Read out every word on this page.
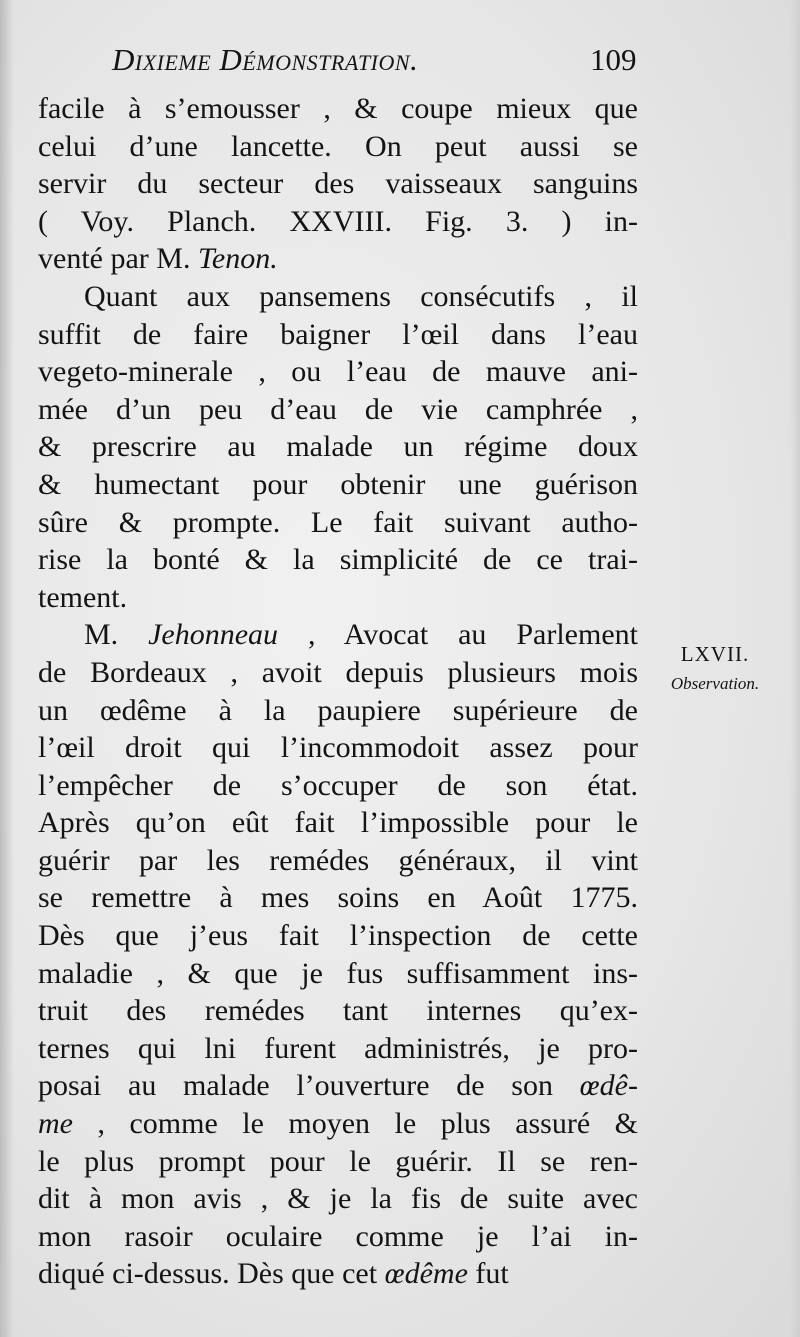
Dixieme Démonstration.	109
facile à s’emousser , & coupe mieux que
celui d’une lancette. On peut aussi se
servir du secteur des vaisseaux sanguins
( Voy. Planch. XXVIII. Fig. 3. ) in-
venté par M. Tenon.
Quant aux pansemens consécutifs , il
suffit de faire baigner l’œil dans l’eau
vegeto-minerale , ou l’eau de mauve ani-
mée d’un peu d’eau de vie camphrée ,
& prescrire au malade un régime doux
& humectant pour obtenir une guérison
sûre & prompte. Le fait suivant autho-
rise la bonté & la simplicité de ce trai-
tement.
M. Jehonneau , Avocat au Parlement
de Bordeaux , avoit depuis plusieurs mois
un œdême à la paupiere supérieure de
l’œil droit qui l’incommodoit assez pour
l’empêcher de s’occuper de son état.
Après qu’on eût fait l’impossible pour le
guérir par les remédes généraux, il vint
se remettre à mes soins en Août 1775.
Dès que j’eus fait l’inspection de cette
maladie , & que je fus suffisamment ins-
truit des remédes tant internes qu’ex-
ternes qui lni furent administrés, je pro-
posai au malade l’ouverture de son œdê-
me , comme le moyen le plus assuré &
le plus prompt pour le guérir. Il se ren-
dit à mon avis , & je la fis de suite avec
mon rasoir oculaire comme je l’ai in-
diqué ci-dessus. Dès que cet œdême fut
LXVII.
Observation.
